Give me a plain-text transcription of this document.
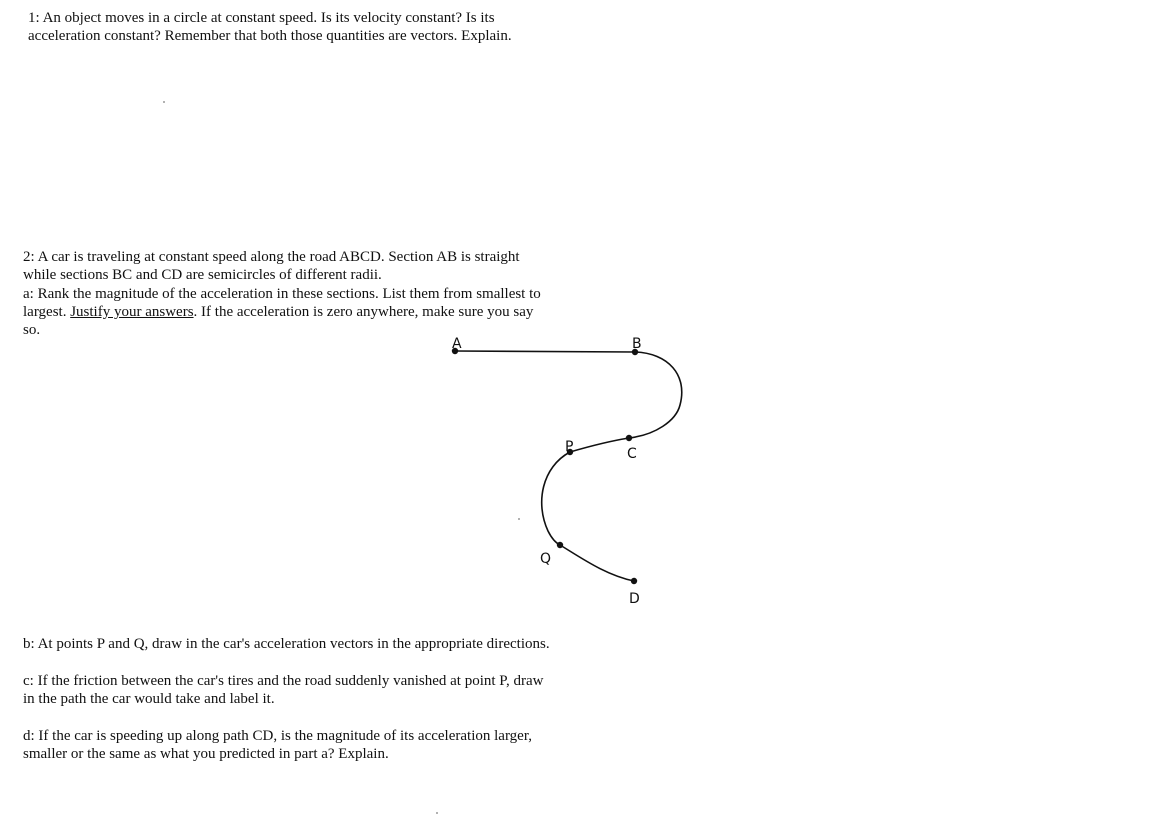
1: An object moves in a circle at constant speed. Is its velocity constant? Is its
acceleration constant? Remember that both those quantities are vectors. Explain.
2: A car is traveling at constant speed along the road ABCD. Section AB is straight
while sections BC and CD are semicircles of different radii.
a: Rank the magnitude of the acceleration in these sections. List them from smallest to
largest. Justify your answers. If the acceleration is zero anywhere, make sure you say
so.
A	B
C
P
Q
D
b: At points P and Q, draw in the car's acceleration vectors in the appropriate directions.
c: If the friction between the car's tires and the road suddenly vanished at point P, draw
in the path the car would take and label it.
d: If the car is speeding up along path CD, is the magnitude of its acceleration larger,
smaller or the same as what you predicted in part a? Explain.
